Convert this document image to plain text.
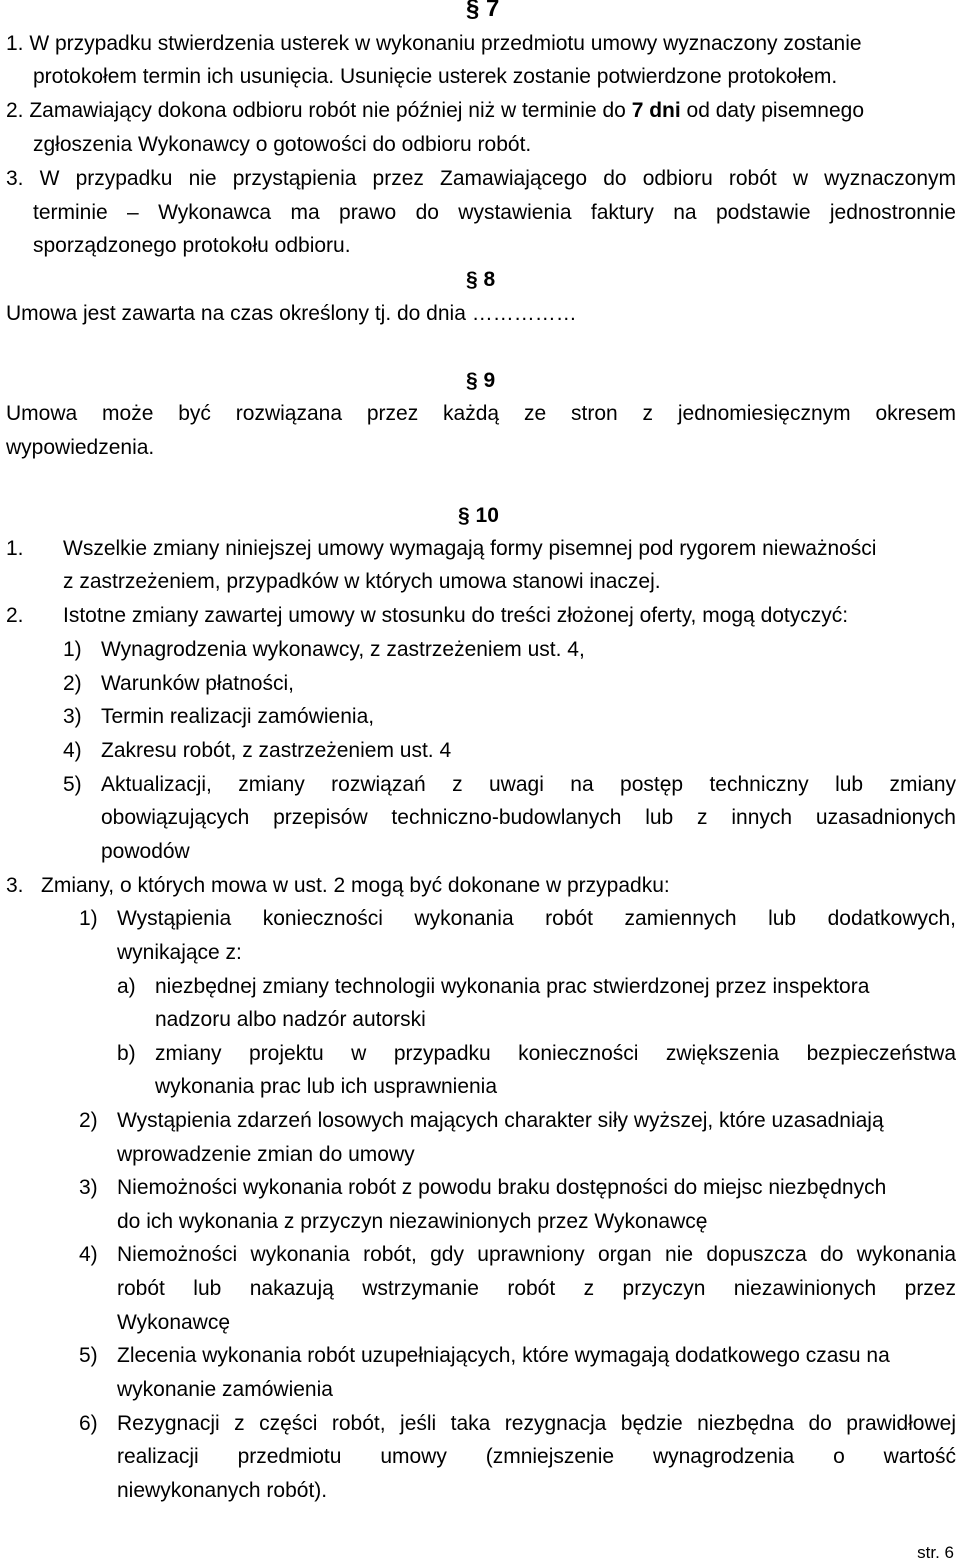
§ 7
1. W przypadku stwierdzenia usterek w wykonaniu przedmiotu umowy wyznaczony zostanie
protokołem termin ich usunięcia. Usunięcie usterek zostanie potwierdzone protokołem.
2. Zamawiający dokona odbioru robót nie później niż w terminie do 7 dni od daty pisemnego
zgłoszenia Wykonawcy o gotowości do odbioru robót.
3. W przypadku nie przystąpienia przez Zamawiającego do odbioru robót w wyznaczonym
terminie – Wykonawca ma prawo do wystawienia faktury na podstawie jednostronnie
sporządzonego protokołu odbioru.
§ 8
Umowa jest zawarta na czas określony tj. do dnia ……………
§ 9
Umowa może być rozwiązana przez każdą ze stron z jednomiesięcznym okresem
wypowiedzenia.
§ 10
1. Wszelkie zmiany niniejszej umowy wymagają formy pisemnej pod rygorem nieważności
z zastrzeżeniem, przypadków w których umowa stanowi inaczej.
2. Istotne zmiany zawartej umowy w stosunku do treści złożonej oferty, mogą dotyczyć:
1) Wynagrodzenia wykonawcy, z zastrzeżeniem ust. 4,
2) Warunków płatności,
3) Termin realizacji zamówienia,
4) Zakresu robót, z zastrzeżeniem ust. 4
5) Aktualizacji, zmiany rozwiązań z uwagi na postęp techniczny lub zmiany
obowiązujących przepisów techniczno-budowlanych lub z innych uzasadnionych
powodów
3. Zmiany, o których mowa w ust. 2 mogą być dokonane w przypadku:
1) Wystąpienia konieczności wykonania robót zamiennych lub dodatkowych,
wynikające z:
a) niezbędnej zmiany technologii wykonania prac stwierdzonej przez inspektora
nadzoru albo nadzór autorski
b) zmiany projektu w przypadku konieczności zwiększenia bezpieczeństwa
wykonania prac lub ich usprawnienia
2) Wystąpienia zdarzeń losowych mających charakter siły wyższej, które uzasadniają
wprowadzenie zmian do umowy
3) Niemożności wykonania robót z powodu braku dostępności do miejsc niezbędnych
do ich wykonania z przyczyn niezawinionych przez Wykonawcę
4) Niemożności wykonania robót, gdy uprawniony organ nie dopuszcza do wykonania
robót lub nakazują wstrzymanie robót z przyczyn niezawinionych przez
Wykonawcę
5) Zlecenia wykonania robót uzupełniających, które wymagają dodatkowego czasu na
wykonanie zamówienia
6) Rezygnacji z części robót, jeśli taka rezygnacja będzie niezbędna do prawidłowej
realizacji przedmiotu umowy (zmniejszenie wynagrodzenia o wartość
niewykonanych robót).
str. 6
